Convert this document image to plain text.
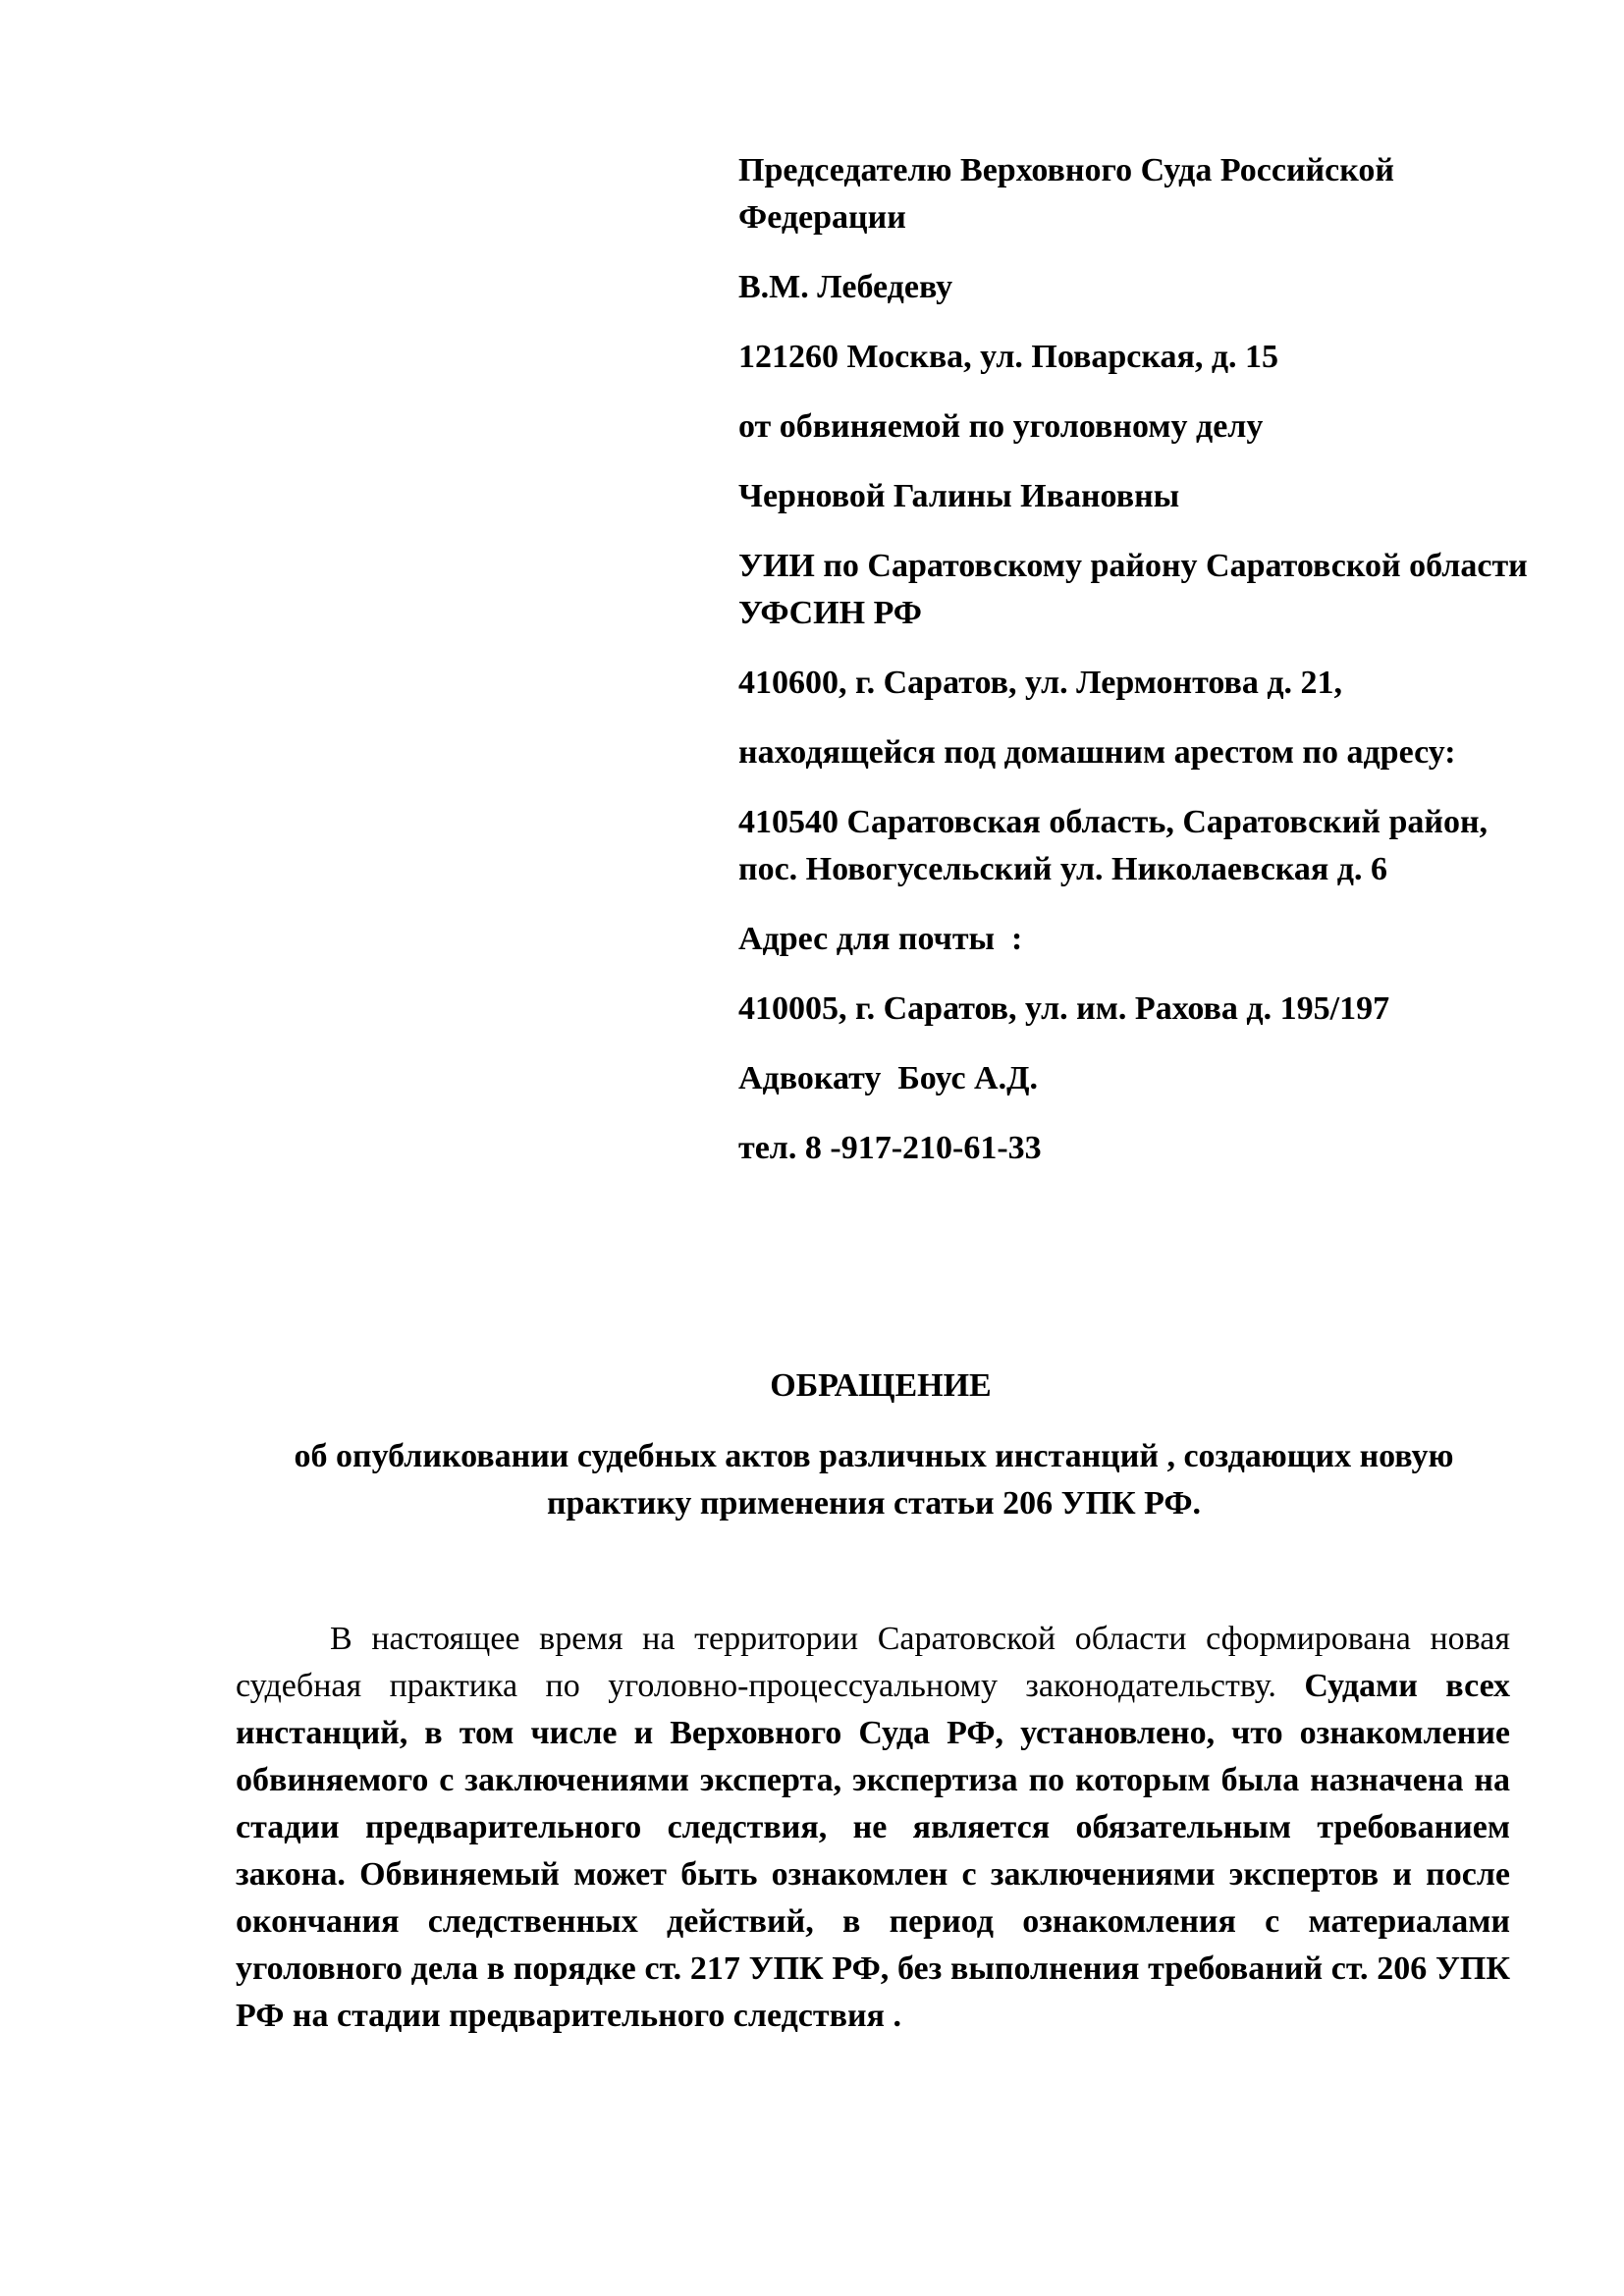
Председателю Верховного Суда Российской Федерации

В.М. Лебедеву

121260 Москва, ул. Поварская, д. 15

от обвиняемой по уголовному делу

Черновой Галины Ивановны

УИИ по Саратовскому району Саратовской области УФСИН РФ

410600, г. Саратов, ул. Лермонтова д. 21,

находящейся под домашним арестом по адресу:

410540 Саратовская область, Саратовский район, пос. Новогусельский ул. Николаевская д. 6

Адрес для почты  :

410005, г. Саратов, ул. им. Рахова д. 195/197

Адвокату  Боус А.Д.

тел. 8 -917-210-61-33

ОБРАЩЕНИЕ

об опубликовании судебных актов различных инстанций , создающих новую практику применения статьи 206 УПК РФ.

В настоящее время на территории Саратовской области сформирована новая судебная практика по уголовно-процессуальному законодательству. Судами всех инстанций, в том числе и Верховного Суда РФ, установлено, что ознакомление обвиняемого с заключениями эксперта, экспертиза по которым была назначена на стадии предварительного следствия, не является обязательным требованием закона. Обвиняемый может быть ознакомлен с заключениями экспертов и после окончания следственных действий, в период ознакомления с материалами уголовного дела в порядке ст. 217 УПК РФ, без выполнения требований ст. 206 УПК РФ на стадии предварительного следствия .
